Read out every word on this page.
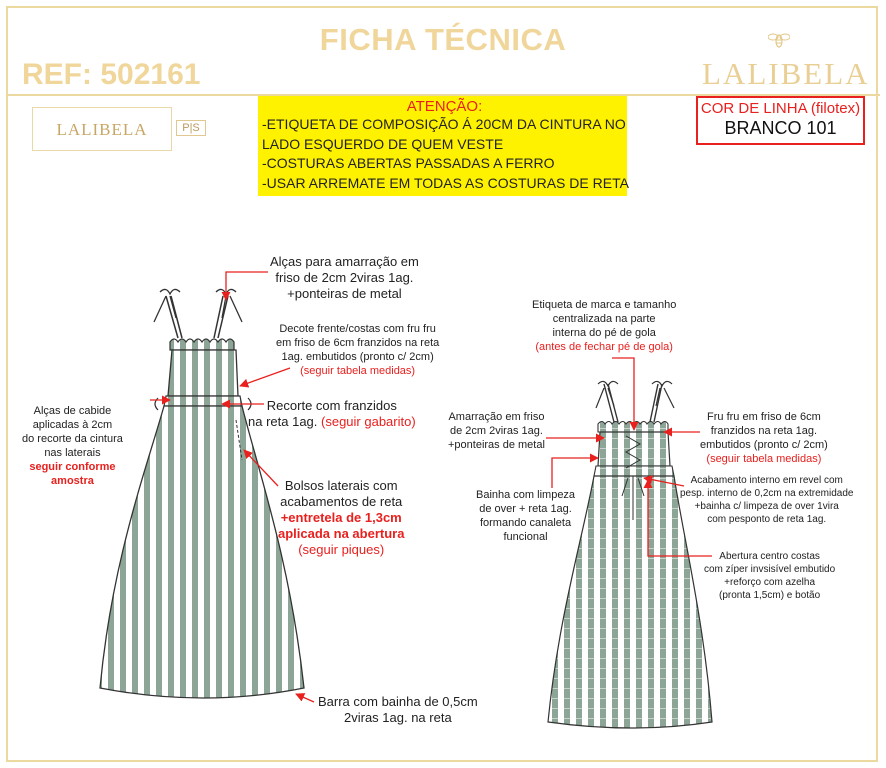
FICHA TÉCNICA
REF: 502161	LALIBELA
LALIBELA	P|S
ATENÇÃO:
-ETIQUETA DE COMPOSIÇÃO Á 20CM DA CINTURA NO
LADO ESQUERDO DE QUEM VESTE
-COSTURAS ABERTAS PASSADAS A FERRO
-USAR ARREMATE EM TODAS AS COSTURAS DE RETA
COR DE LINHA (filotex)
BRANCO 101
Alças para amarração em
friso de 2cm 2viras 1ag.
+ponteiras de metal
Decote frente/costas com fru fru
em friso de 6cm franzidos na reta
1ag. embutidos (pronto c/ 2cm)
(seguir tabela medidas)
Recorte com franzidos
na reta 1ag. (seguir gabarito)
Alças de cabide
aplicadas à 2cm
do recorte da cintura
nas laterais
seguir conforme
amostra	Bolsos laterais com
acabamentos de reta
+entretela de 1,3cm
aplicada na abertura
(seguir piques)
Barra com bainha de 0,5cm
2viras 1ag. na reta
Etiqueta de marca e tamanho
centralizada na parte
interna do pé de gola
(antes de fechar pé de gola)
Amarração em friso
de 2cm 2viras 1ag.
+ponteiras de metal
Fru fru em friso de 6cm
franzidos na reta 1ag.
embutidos (pronto c/ 2cm)
(seguir tabela medidas)
Bainha com limpeza
de over + reta 1ag.
formando canaleta
funcional
Acabamento interno em revel com
pesp. interno de 0,2cm na extremidade
+bainha c/ limpeza de over 1vira
com pesponto de reta 1ag.
Abertura centro costas
com zíper invsisível embutido
+reforço com azelha
(pronta 1,5cm) e botão
